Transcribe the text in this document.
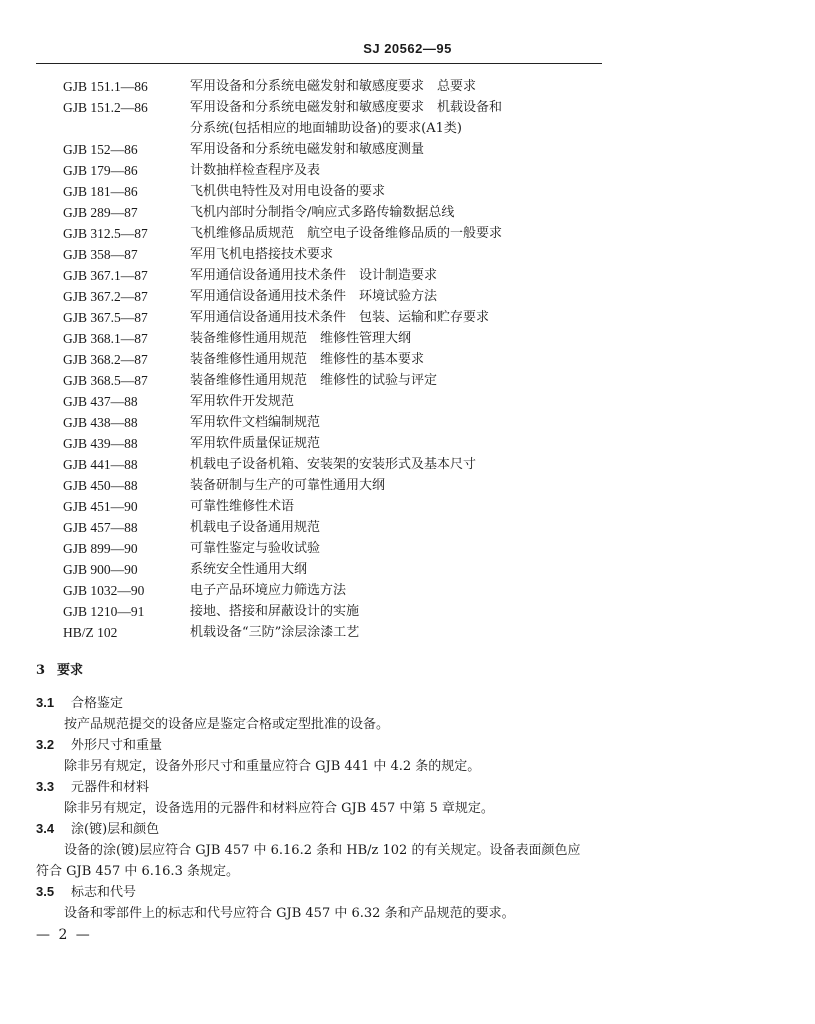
SJ 20562—95
GJB 151.1—86	军用设备和分系统电磁发射和敏感度要求　总要求
GJB 151.2—86	军用设备和分系统电磁发射和敏感度要求　机载设备和
分系统(包括相应的地面辅助设备)的要求(A1类)
GJB 152—86	军用设备和分系统电磁发射和敏感度测量
GJB 179—86	计数抽样检查程序及表
GJB 181—86	飞机供电特性及对用电设备的要求
GJB 289—87	飞机内部时分制指令/响应式多路传输数据总线
GJB 312.5—87	飞机维修品质规范　航空电子设备维修品质的一般要求
GJB 358—87	军用飞机电搭接技术要求
GJB 367.1—87	军用通信设备通用技术条件　设计制造要求
GJB 367.2—87	军用通信设备通用技术条件　环境试验方法
GJB 367.5—87	军用通信设备通用技术条件　包装、运输和贮存要求
GJB 368.1—87	装备维修性通用规范　维修性管理大纲
GJB 368.2—87	装备维修性通用规范　维修性的基本要求
GJB 368.5—87	装备维修性通用规范　维修性的试验与评定
GJB 437—88	军用软件开发规范
GJB 438—88	军用软件文档编制规范
GJB 439—88	军用软件质量保证规范
GJB 441—88	机载电子设备机箱、安装架的安装形式及基本尺寸
GJB 450—88	装备研制与生产的可靠性通用大纲
GJB 451—90	可靠性维修性术语
GJB 457—88	机载电子设备通用规范
GJB 899—90	可靠性鉴定与验收试验
GJB 900—90	系统安全性通用大纲
GJB 1032—90	电子产品环境应力筛选方法
GJB 1210—91	接地、搭接和屏蔽设计的实施
HB/Z 102	机载设备“三防”涂层涂漆工艺
3 要求
3.1 合格鉴定
按产品规范提交的设备应是鉴定合格或定型批准的设备。
3.2 外形尺寸和重量
除非另有规定，设备外形尺寸和重量应符合 GJB 441 中 4.2 条的规定。
3.3 元器件和材料
除非另有规定，设备选用的元器件和材料应符合 GJB 457 中第 5 章规定。
3.4 涂(镀)层和颜色
设备的涂(镀)层应符合 GJB 457 中 6.16.2 条和 HB/z 102 的有关规定。设备表面颜色应
符合 GJB 457 中 6.16.3 条规定。
3.5 标志和代号
设备和零部件上的标志和代号应符合 GJB 457 中 6.32 条和产品规范的要求。
— 2 —
